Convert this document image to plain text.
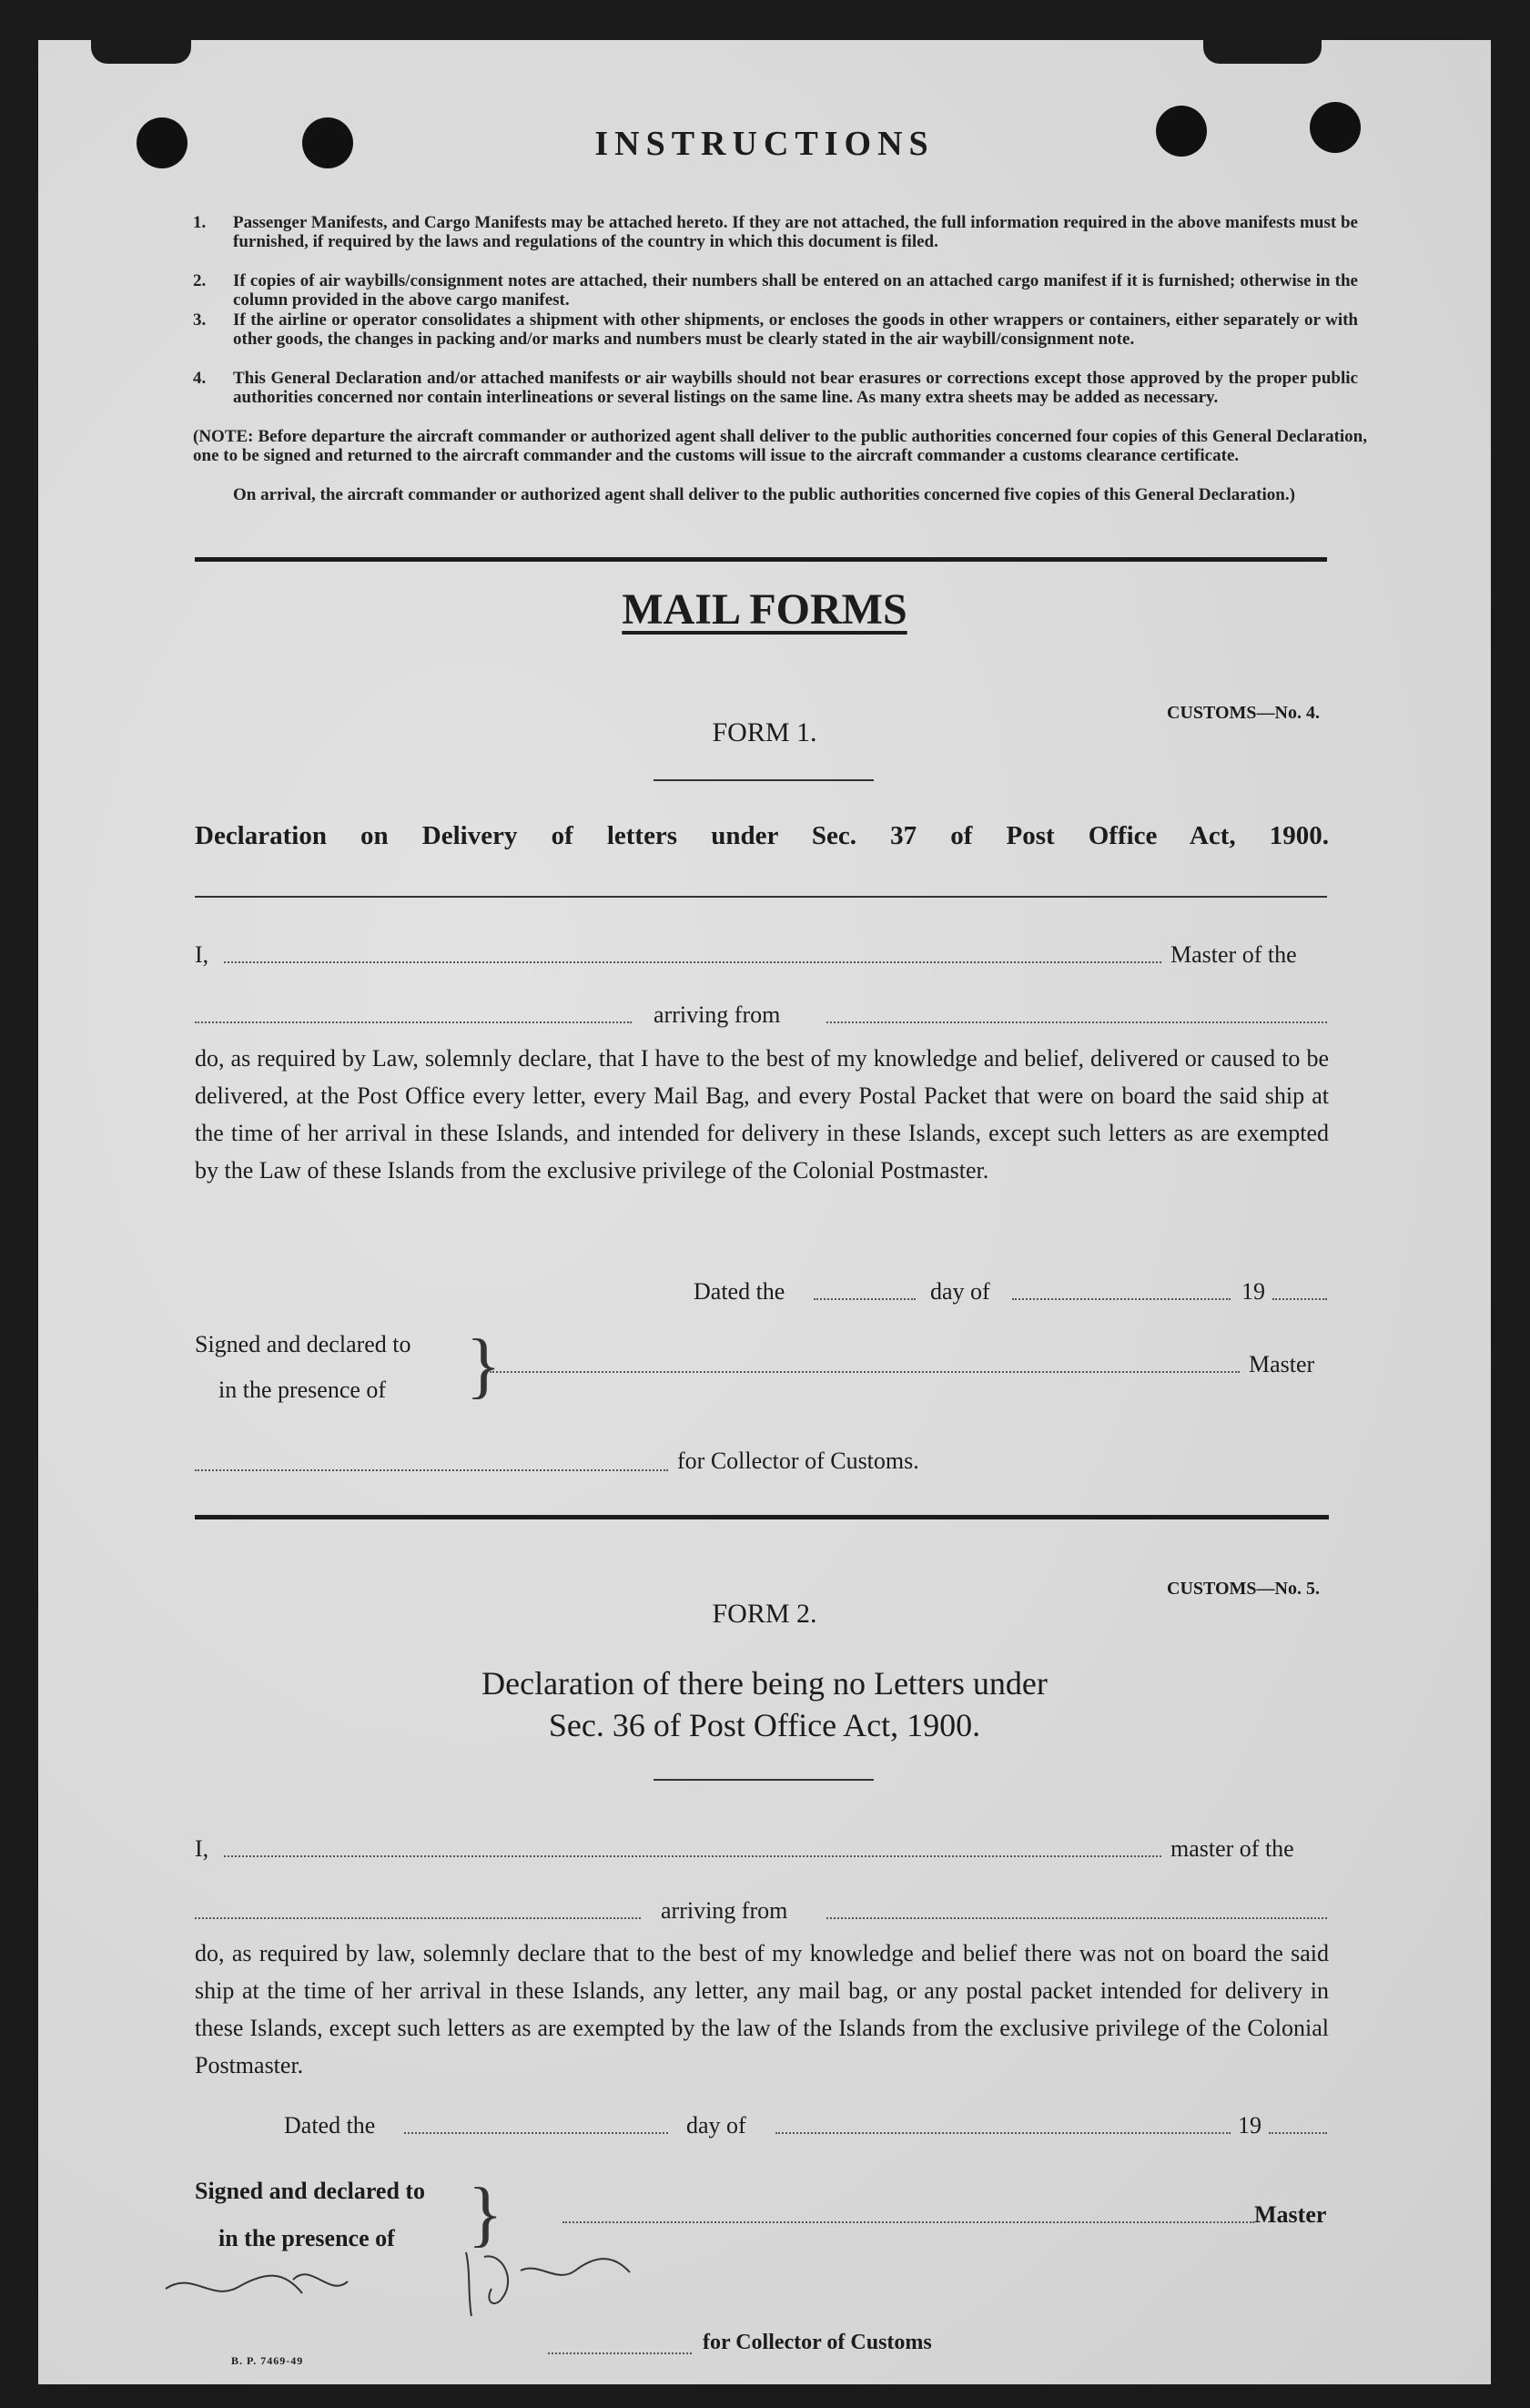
INSTRUCTIONS
1.	Passenger Manifests, and Cargo Manifests may be attached hereto. If they are not attached, the full information required in the above manifests must be furnished, if required by the laws and regulations of the country in which this document is filed.
2.	If copies of air waybills/consignment notes are attached, their numbers shall be entered on an attached cargo manifest if it is furnished; otherwise in the column provided in the above cargo manifest.
3.	If the airline or operator consolidates a shipment with other shipments, or encloses the goods in other wrappers or containers, either separately or with other goods, the changes in packing and/or marks and numbers must be clearly stated in the air waybill/consignment note.
4.	This General Declaration and/or attached manifests or air waybills should not bear erasures or corrections except those approved by the proper public authorities concerned nor contain interlineations or several listings on the same line. As many extra sheets may be added as necessary.
(NOTE: Before departure the aircraft commander or authorized agent shall deliver to the public authorities concerned four copies of this General Declaration, one to be signed and returned to the aircraft commander and the customs will issue to the aircraft commander a customs clearance certificate.
On arrival, the aircraft commander or authorized agent shall deliver to the public authorities concerned five copies of this General Declaration.)
MAIL FORMS
CUSTOMS—No. 4.
FORM 1.
Declaration on Delivery of letters under Sec. 37 of Post Office Act, 1900.
I,	Master of the
arriving from
do, as required by Law, solemnly declare, that I have to the best of my knowledge and belief, delivered or caused to be delivered, at the Post Office every letter, every Mail Bag, and every Postal Packet that were on board the said ship at the time of her arrival in these Islands, and intended for delivery in these Islands, except such letters as are exempted by the Law of these Islands from the exclusive privilege of the Colonial Postmaster.
Dated the	day of	19
Signed and declared to
in the presence of }	Master
for Collector of Customs.
CUSTOMS—No. 5.
FORM 2.
Declaration of there being no Letters under
Sec. 36 of Post Office Act, 1900.
I,	master of the
arriving from
do, as required by law, solemnly declare that to the best of my knowledge and belief there was not on board the said ship at the time of her arrival in these Islands, any letter, any mail bag, or any postal packet intended for delivery in these Islands, except such letters as are exempted by the law of the Islands from the exclusive privilege of the Colonial Postmaster.
Dated the	day of	19
Signed and declared to
in the presence of }	Master
for Collector of Customs
B. P. 7469-49
